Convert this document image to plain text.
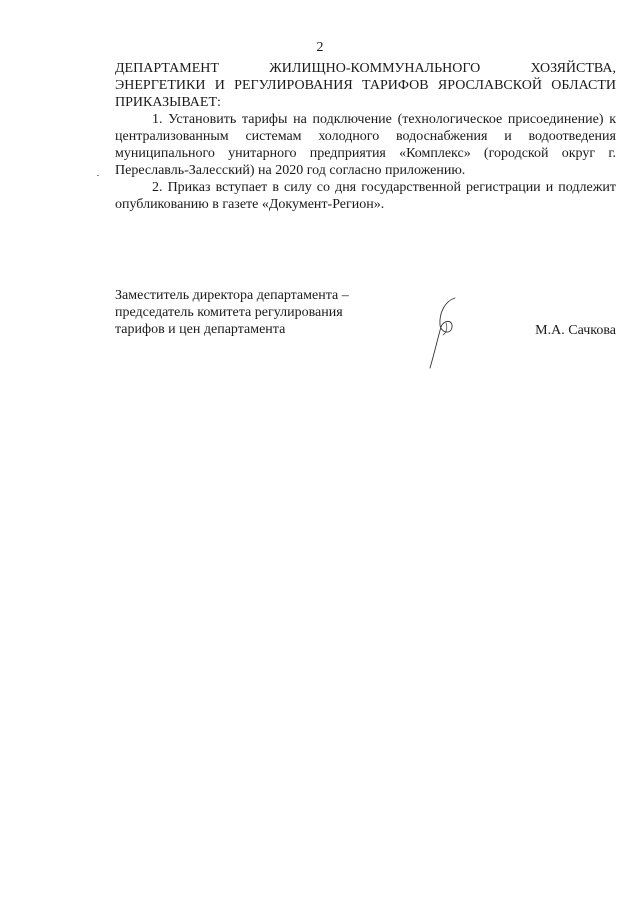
2

ДЕПАРТАМЕНТ ЖИЛИЩНО-КОММУНАЛЬНОГО ХОЗЯЙСТВА, ЭНЕРГЕТИКИ И РЕГУЛИРОВАНИЯ ТАРИФОВ ЯРОСЛАВСКОЙ ОБЛАСТИ ПРИКАЗЫВАЕТ:

1. Установить тарифы на подключение (технологическое присоединение) к централизованным системам холодного водоснабжения и водоотведения муниципального унитарного предприятия «Комплекс» (городской округ г. Переславль-Залесский) на 2020 год согласно приложению.

2. Приказ вступает в силу со дня государственной регистрации и подлежит опубликованию в газете «Документ-Регион».

Заместитель директора департамента –
председатель комитета регулирования
тарифов и цен департамента	М.А. Сачкова
